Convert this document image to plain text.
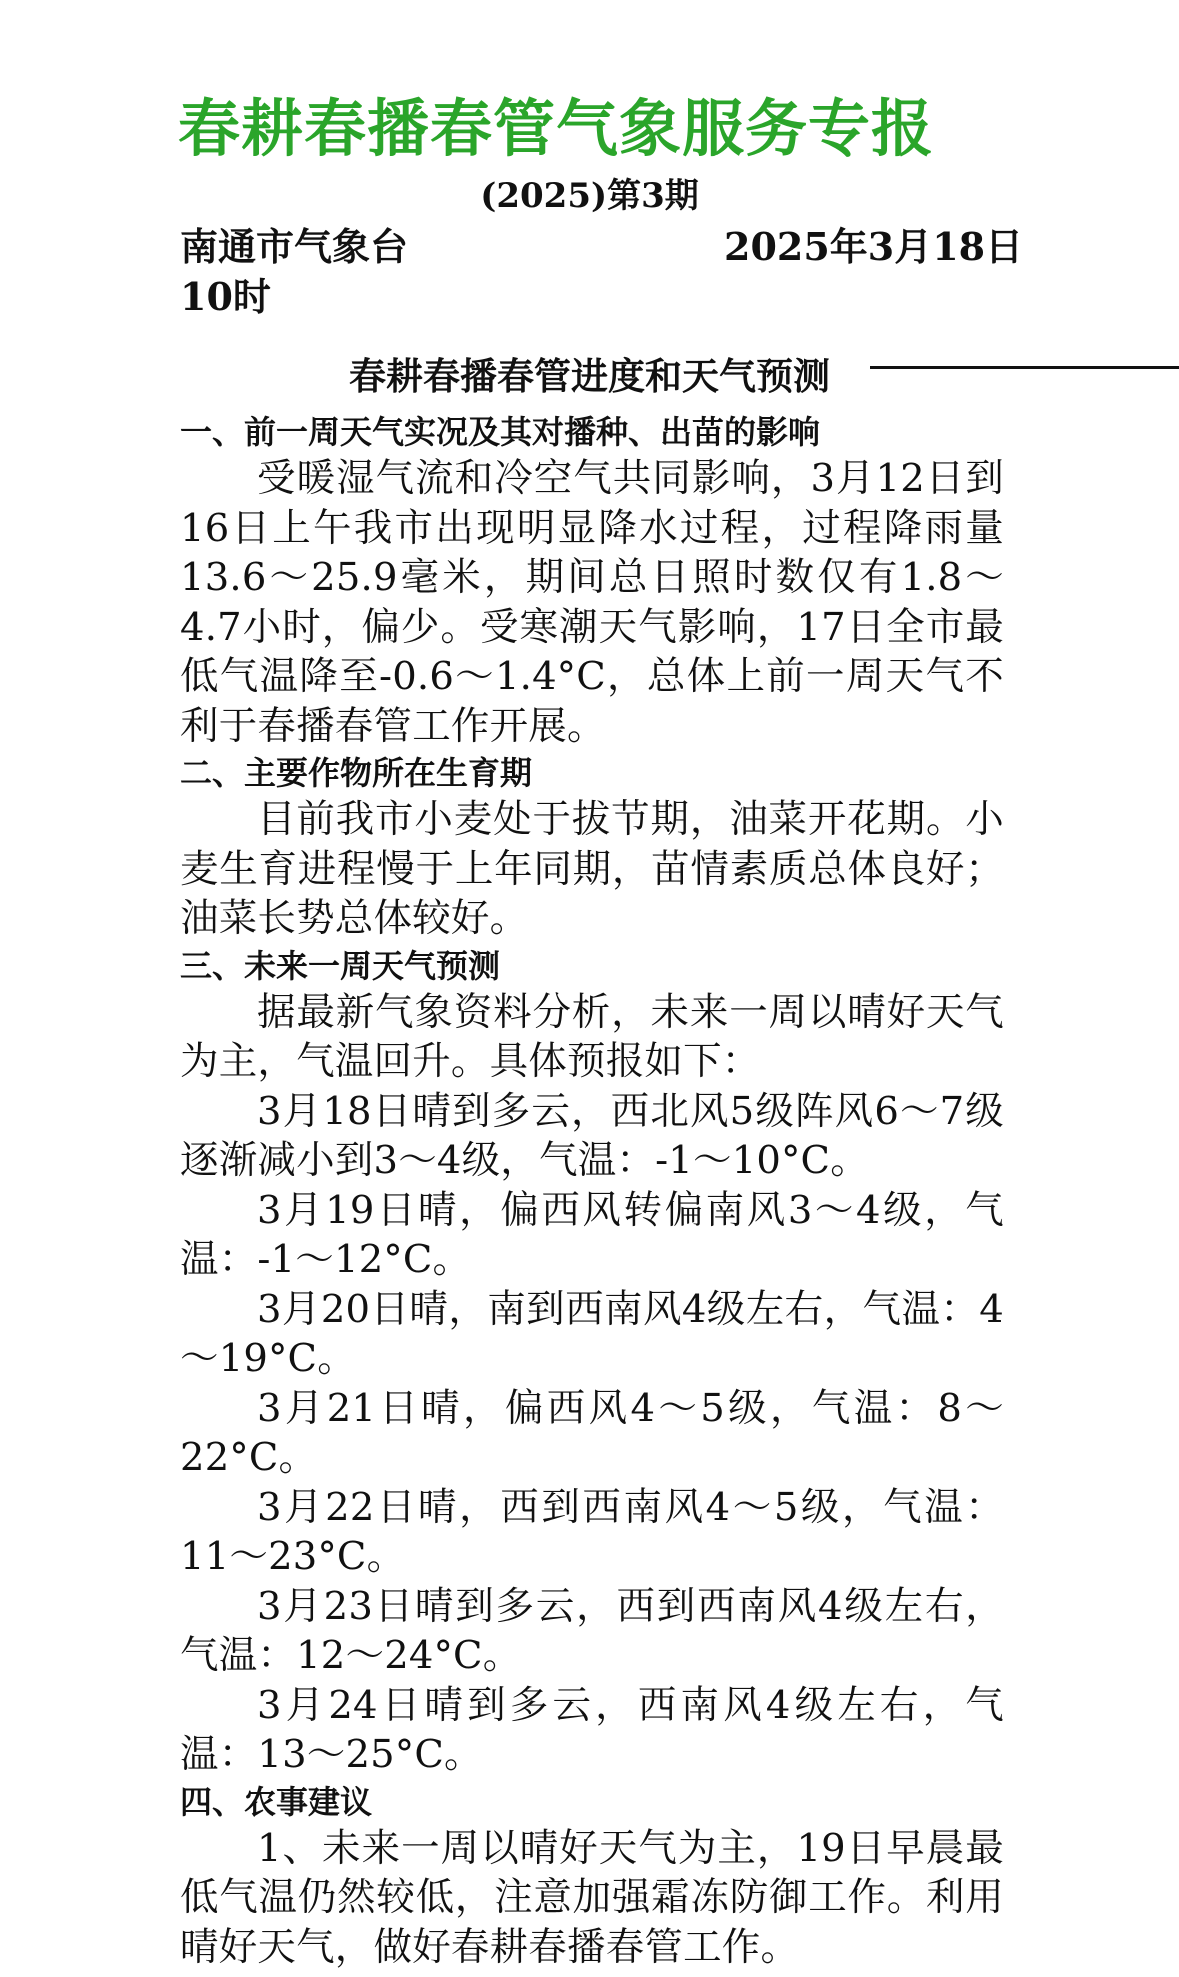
春耕春播春管气象服务专报
(2025)第3期
南通市气象台	2025年3月18日
10时
春耕春播春管进度和天气预测
一、前一周天气实况及其对播种、出苗的影响

受暖湿气流和冷空气共同影响，3月12日到16日上午我市出现明显降水过程，过程降雨量13.6～25.9毫米，期间总日照时数仅有1.8～4.7小时，偏少。受寒潮天气影响，17日全市最低气温降至-0.6～1.4°C，总体上前一周天气不利于春播春管工作开展。

二、主要作物所在生育期

目前我市小麦处于拔节期，油菜开花期。小麦生育进程慢于上年同期，苗情素质总体良好；油菜长势总体较好。

三、未来一周天气预测

据最新气象资料分析，未来一周以晴好天气为主，气温回升。具体预报如下：

3月18日晴到多云，西北风5级阵风6～7级逐渐减小到3～4级，气温：-1～10°C。

3月19日晴，偏西风转偏南风3～4级，气温：-1～12°C。

3月20日晴，南到西南风4级左右，气温：4～19°C。

3月21日晴，偏西风4～5级，气温：8～22°C。

3月22日晴，西到西南风4～5级，气温：11～23°C。

3月23日晴到多云，西到西南风4级左右，气温：12～24°C。

3月24日晴到多云，西南风4级左右，气温：13～25°C。

四、农事建议

1、未来一周以晴好天气为主，19日早晨最低气温仍然较低，注意加强霜冻防御工作。利用晴好天气，做好春耕春播春管工作。
